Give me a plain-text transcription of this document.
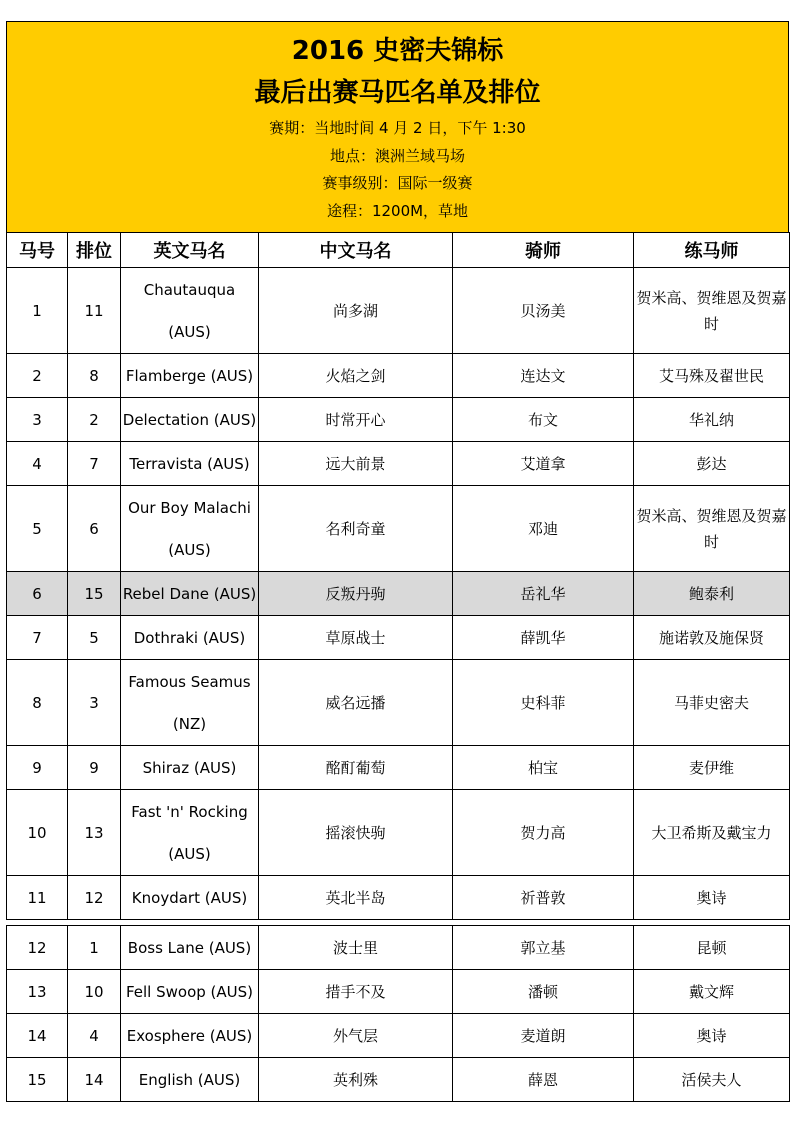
2016 史密夫锦标
最后出赛马匹名单及排位
赛期：当地时间 4 月 2 日，下午 1:30
地点：澳洲兰域马场
赛事级别：国际一级赛
途程：1200M，草地
马号	排位	英文马名	中文马名	骑师	练马师
1	11	Chautauqua (AUS)	尚多湖	贝汤美	贺米高、贺维恩及贺嘉时
2	8	Flamberge (AUS)	火焰之剑	连达文	艾马殊及翟世民
3	2	Delectation (AUS)	时常开心	布文	华礼纳
4	7	Terravista (AUS)	远大前景	艾道拿	彭达
5	6	Our Boy Malachi (AUS)	名利奇童	邓迪	贺米高、贺维恩及贺嘉时
6	15	Rebel Dane (AUS)	反叛丹驹	岳礼华	鲍泰利
7	5	Dothraki (AUS)	草原战士	薛凯华	施诺敦及施保贤
8	3	Famous Seamus (NZ)	威名远播	史科菲	马菲史密夫
9	9	Shiraz (AUS)	酩酊葡萄	柏宝	麦伊维
10	13	Fast 'n' Rocking (AUS)	摇滚快驹	贺力高	大卫希斯及戴宝力
11	12	Knoydart (AUS)	英北半岛	祈普敦	奥诗
12	1	Boss Lane (AUS)	波士里	郭立基	昆顿
13	10	Fell Swoop (AUS)	措手不及	潘顿	戴文辉
14	4	Exosphere (AUS)	外气层	麦道朗	奥诗
15	14	English (AUS)	英利殊	薛恩	活侯夫人
